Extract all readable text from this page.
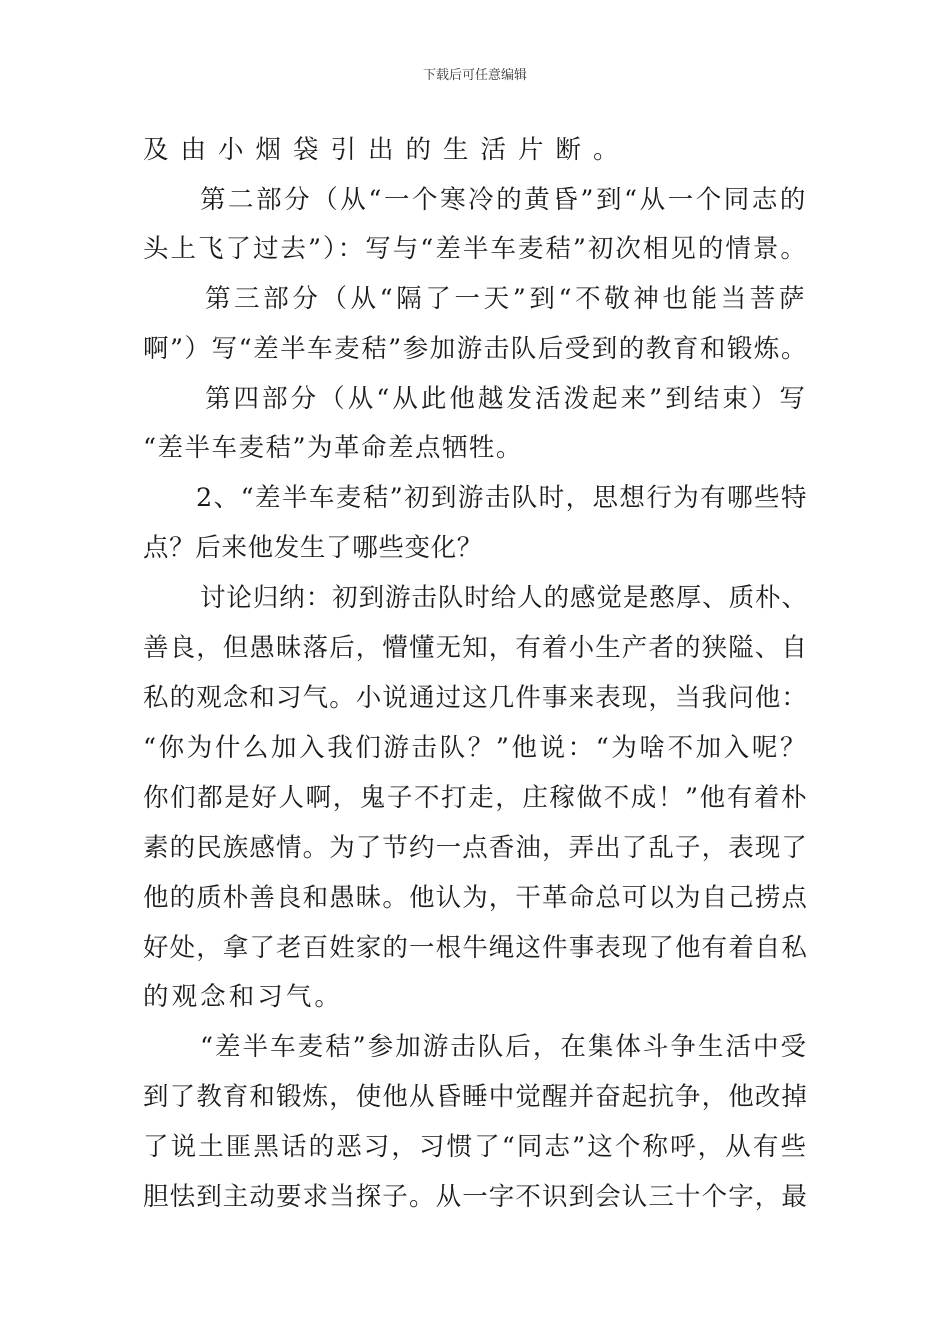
下载后可任意编辑
及由小烟袋引出的生活片断。
第二部分（从“一个寒冷的黄昏”到“从一个同志的
头上飞了过去”）：写与“差半车麦秸”初次相见的情景。
第三部分（从“隔了一天”到“不敬神也能当菩萨
啊”）写“差半车麦秸”参加游击队后受到的教育和锻炼。
第四部分（从“从此他越发活泼起来”到结束）写
“差半车麦秸”为革命差点牺牲。
2、“差半车麦秸”初到游击队时，思想行为有哪些特
点？后来他发生了哪些变化？
讨论归纳：初到游击队时给人的感觉是憨厚、质朴、
善良，但愚昧落后，懵懂无知，有着小生产者的狭隘、自
私的观念和习气。小说通过这几件事来表现，当我问他：
“你为什么加入我们游击队？”他说：“为啥不加入呢？
你们都是好人啊，鬼子不打走，庄稼做不成！”他有着朴
素的民族感情。为了节约一点香油，弄出了乱子，表现了
他的质朴善良和愚昧。他认为，干革命总可以为自己捞点
好处，拿了老百姓家的一根牛绳这件事表现了他有着自私
的观念和习气。
“差半车麦秸”参加游击队后，在集体斗争生活中受
到了教育和锻炼，使他从昏睡中觉醒并奋起抗争，他改掉
了说土匪黑话的恶习，习惯了“同志”这个称呼，从有些
胆怯到主动要求当探子。从一字不识到会认三十个字，最
